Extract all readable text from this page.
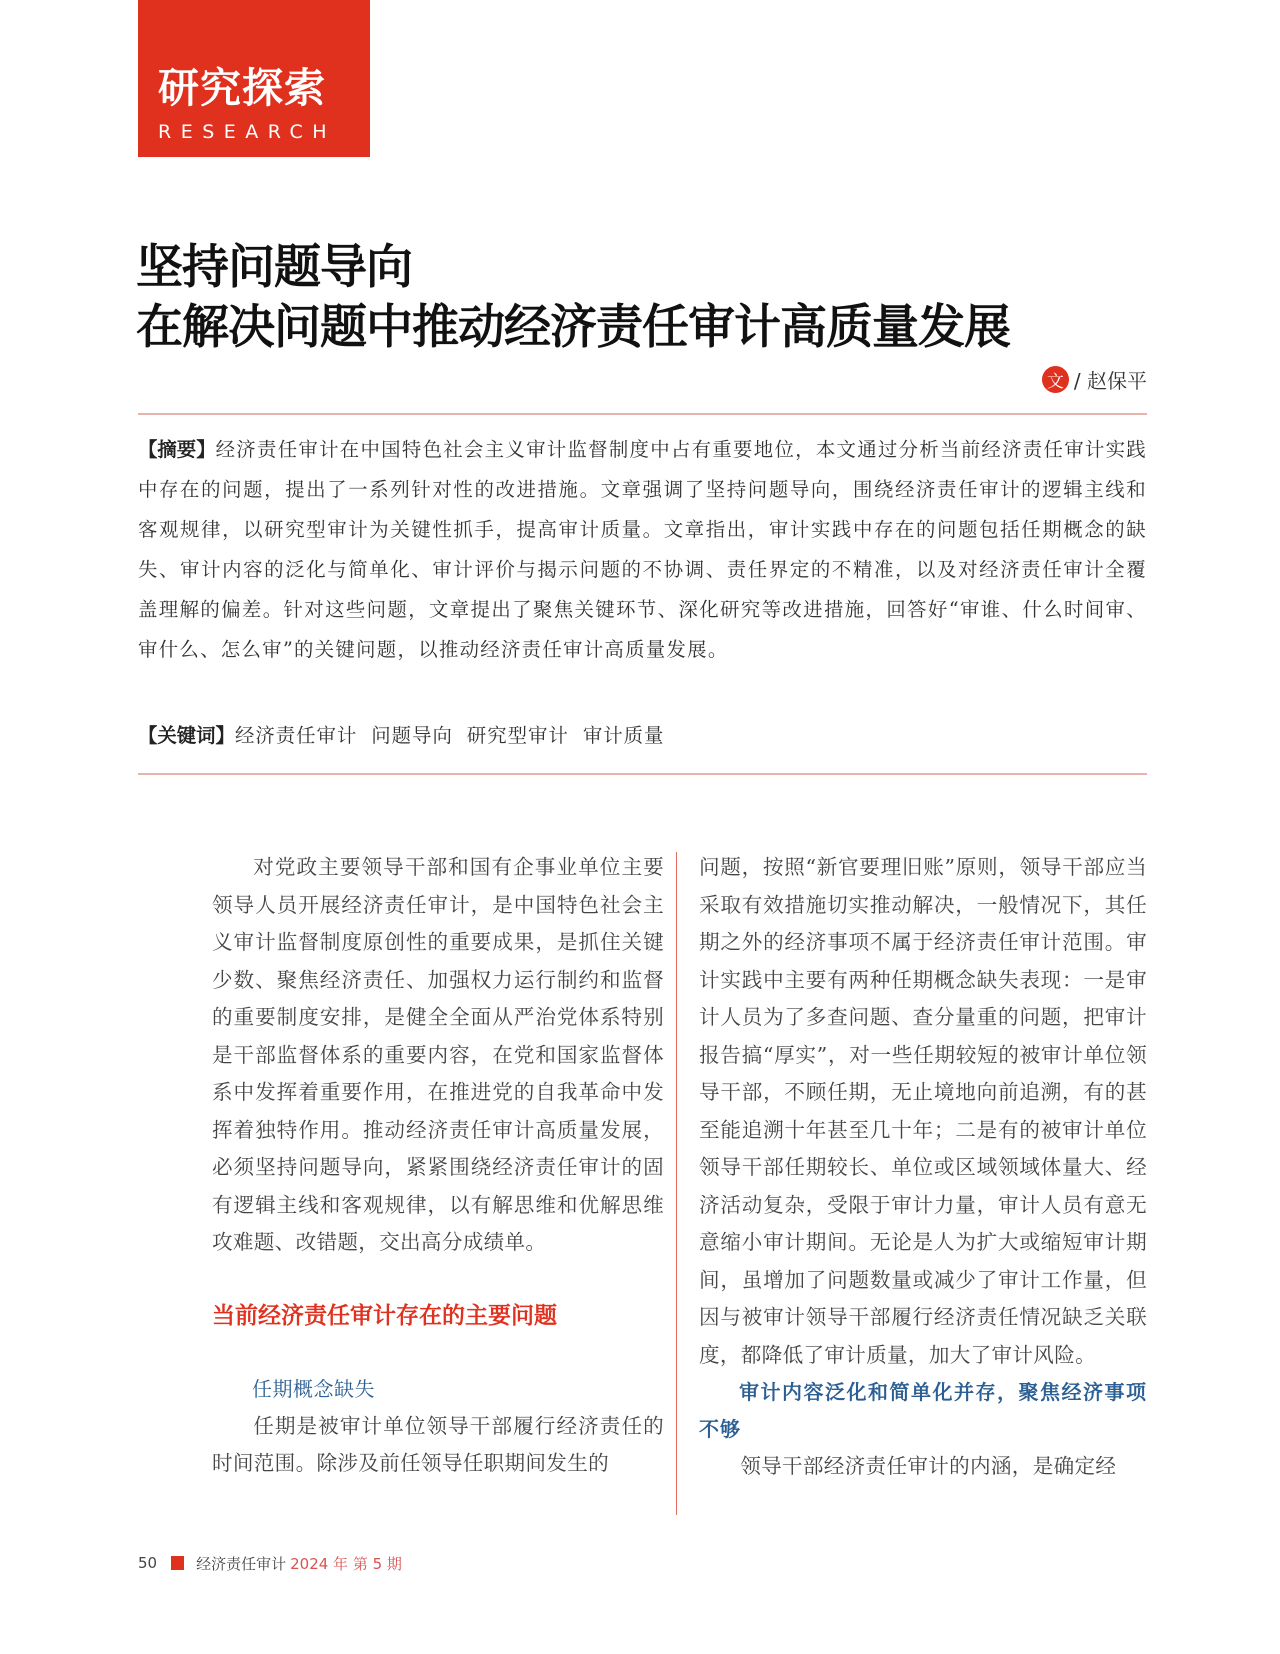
研究探索
RESEARCH
坚持问题导向
在解决问题中推动经济责任审计高质量发展
文 / 赵保平
【摘要】经济责任审计在中国特色社会主义审计监督制度中占有重要地位，本文通过分析当前经济责任审计实践中存在的问题，提出了一系列针对性的改进措施。文章强调了坚持问题导向，围绕经济责任审计的逻辑主线和客观规律，以研究型审计为关键性抓手，提高审计质量。文章指出，审计实践中存在的问题包括任期概念的缺失、审计内容的泛化与简单化、审计评价与揭示问题的不协调、责任界定的不精准，以及对经济责任审计全覆盖理解的偏差。针对这些问题，文章提出了聚焦关键环节、深化研究等改进措施，回答好“审谁、什么时间审、审什么、怎么审”的关键问题，以推动经济责任审计高质量发展。
【关键词】经济责任审计 问题导向 研究型审计 审计质量

对党政主要领导干部和国有企事业单位主要领导人员开展经济责任审计，是中国特色社会主义审计监督制度原创性的重要成果，是抓住关键少数、聚焦经济责任、加强权力运行制约和监督的重要制度安排，是健全全面从严治党体系特别是干部监督体系的重要内容，在党和国家监督体系中发挥着重要作用，在推进党的自我革命中发挥着独特作用。推动经济责任审计高质量发展，必须坚持问题导向，紧紧围绕经济责任审计的固有逻辑主线和客观规律，以有解思维和优解思维攻难题、改错题，交出高分成绩单。

当前经济责任审计存在的主要问题
任期概念缺失

任期是被审计单位领导干部履行经济责任的时间范围。除涉及前任领导任职期间发生的

问题，按照“新官要理旧账”原则，领导干部应当采取有效措施切实推动解决，一般情况下，其任期之外的经济事项不属于经济责任审计范围。审计实践中主要有两种任期概念缺失表现：一是审计人员为了多查问题、查分量重的问题，把审计报告搞“厚实”，对一些任期较短的被审计单位领导干部，不顾任期，无止境地向前追溯，有的甚至能追溯十年甚至几十年；二是有的被审计单位领导干部任期较长、单位或区域领域体量大、经济活动复杂，受限于审计力量，审计人员有意无意缩小审计期间。无论是人为扩大或缩短审计期间，虽增加了问题数量或减少了审计工作量，但因与被审计领导干部履行经济责任情况缺乏关联度，都降低了审计质量，加大了审计风险。

审计内容泛化和简单化并存，聚焦经济事项不够

领导干部经济责任审计的内涵，是确定经

50	经济责任审计 2024 年 第 5 期
